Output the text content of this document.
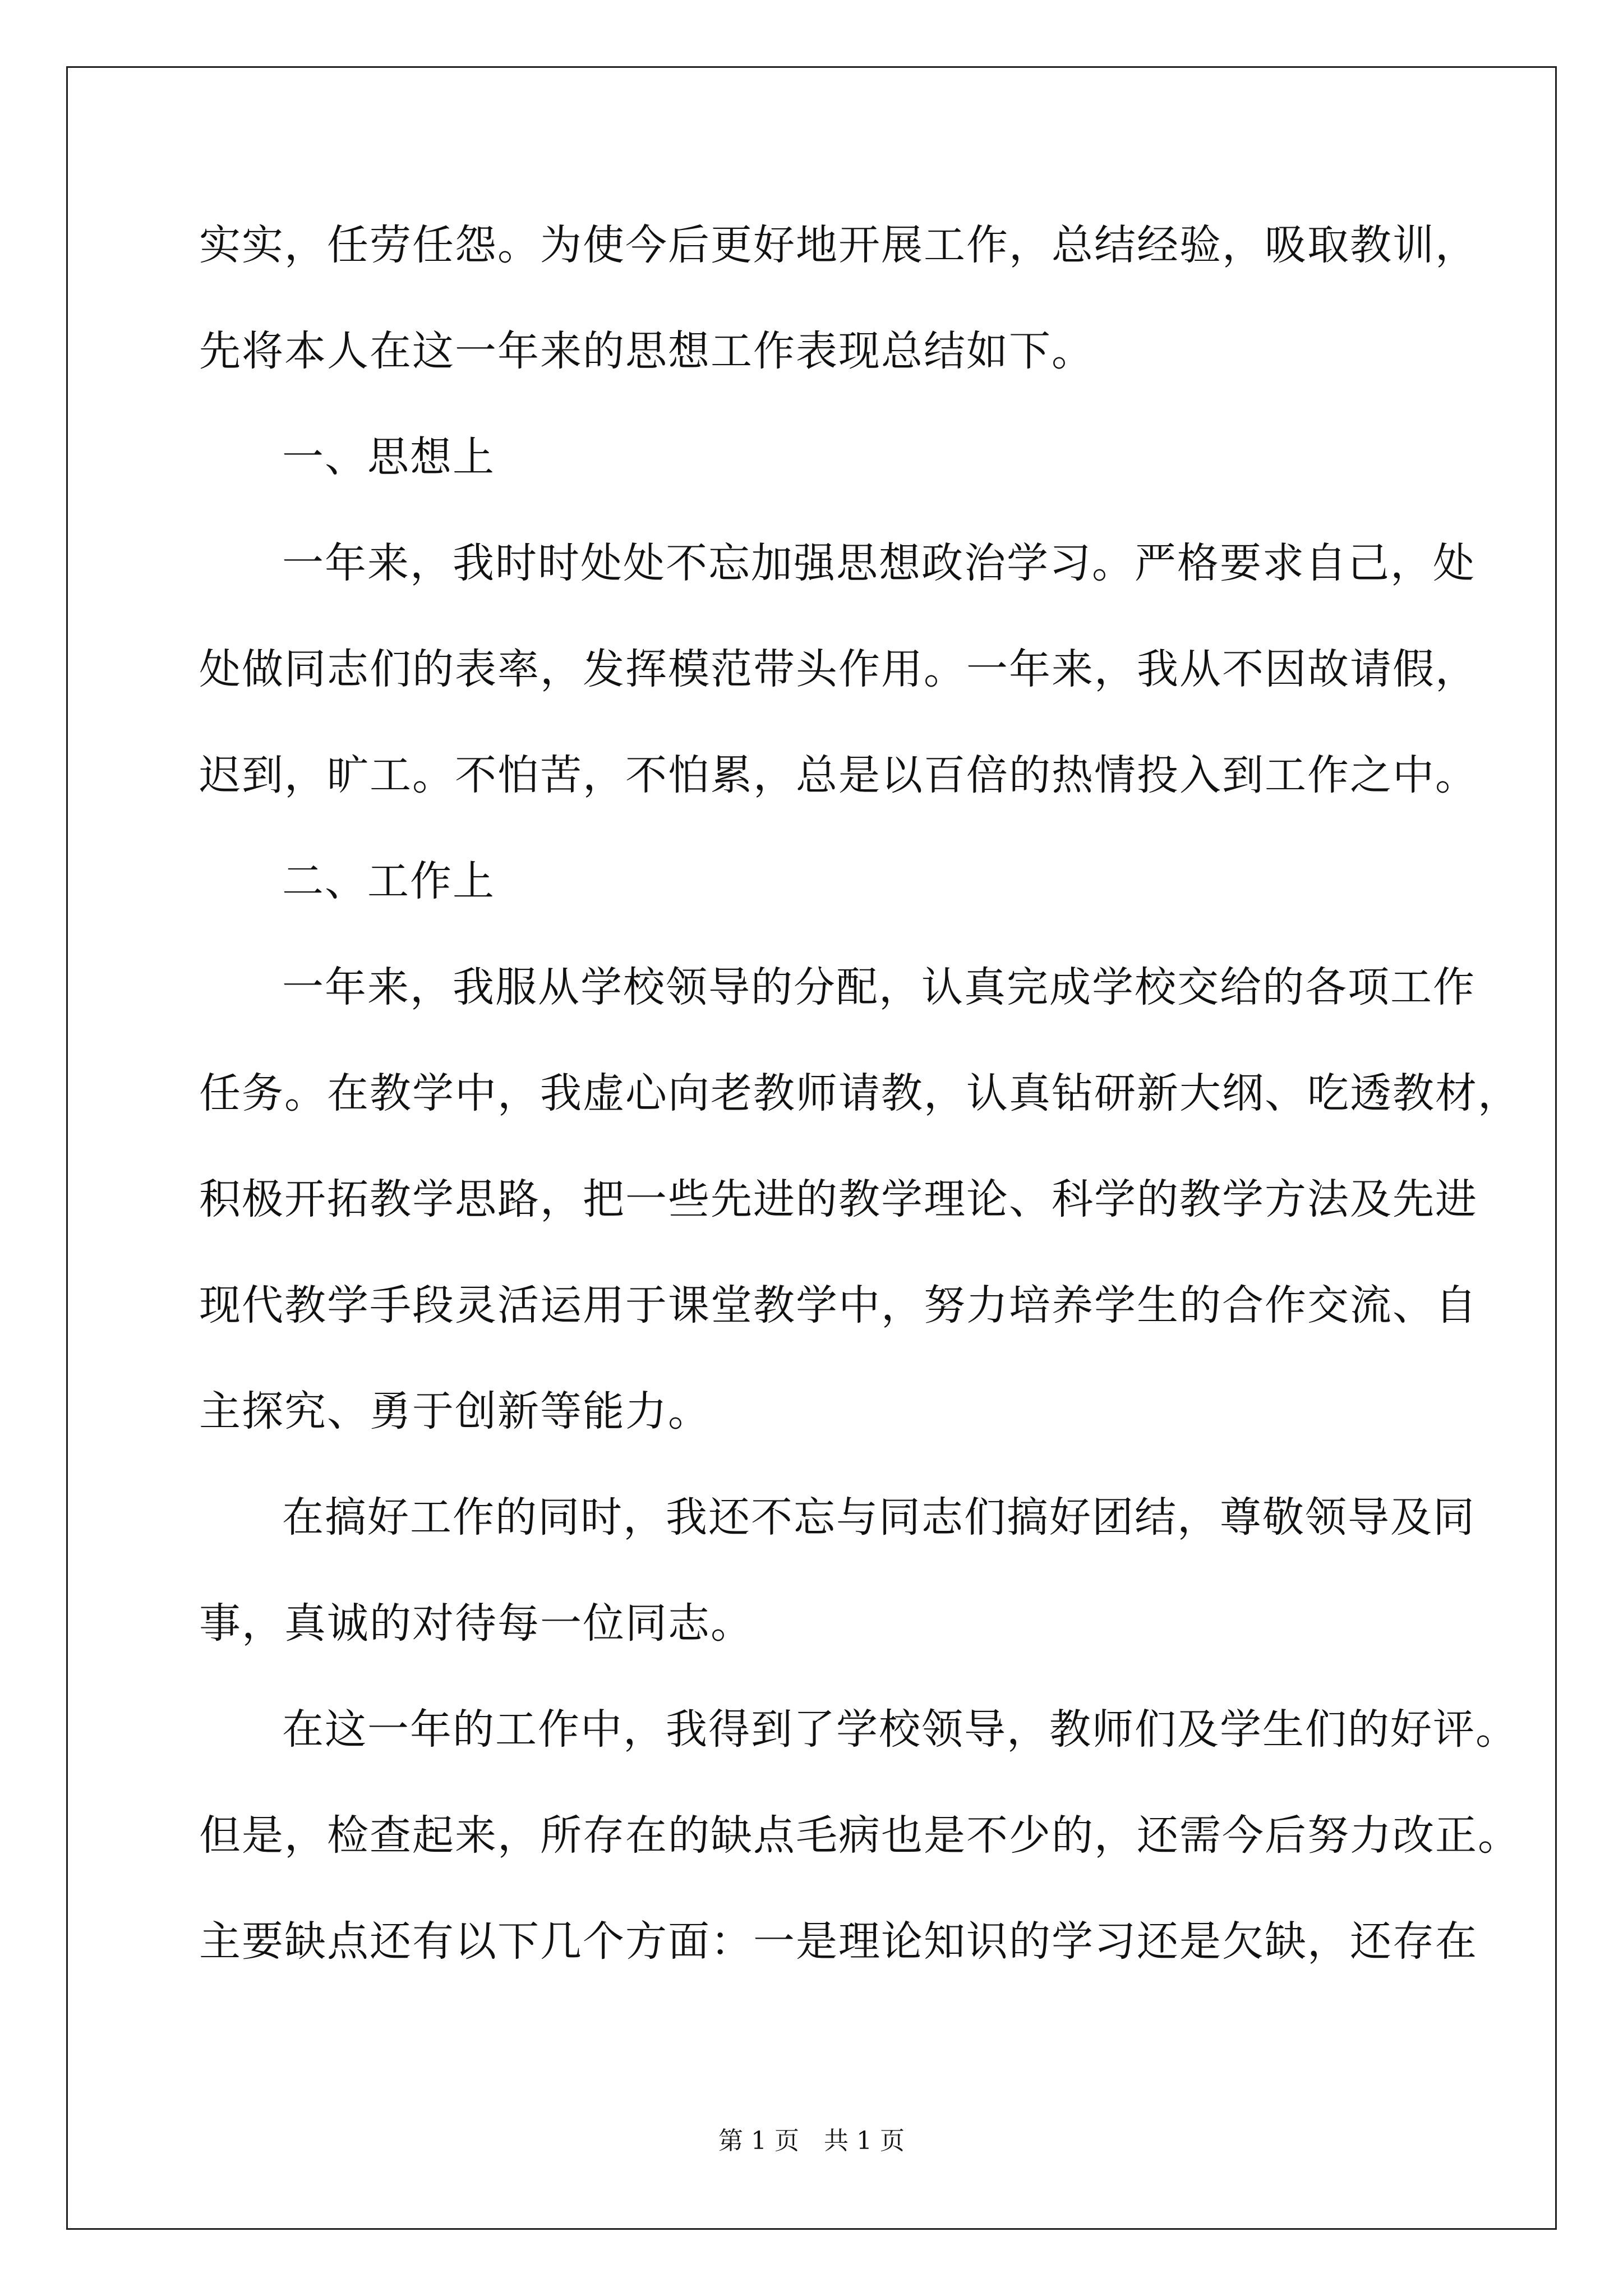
实实，任劳任怨。为使今后更好地开展工作，总结经验，吸取教训，
先将本人在这一年来的思想工作表现总结如下。
一、思想上
一年来，我时时处处不忘加强思想政治学习。严格要求自己，处
处做同志们的表率，发挥模范带头作用。一年来，我从不因故请假，
迟到，旷工。不怕苦，不怕累，总是以百倍的热情投入到工作之中。
二、工作上
一年来，我服从学校领导的分配，认真完成学校交给的各项工作
任务。在教学中，我虚心向老教师请教，认真钻研新大纲、吃透教材，
积极开拓教学思路，把一些先进的教学理论、科学的教学方法及先进
现代教学手段灵活运用于课堂教学中，努力培养学生的合作交流、自
主探究、勇于创新等能力。
在搞好工作的同时，我还不忘与同志们搞好团结，尊敬领导及同
事，真诚的对待每一位同志。
在这一年的工作中，我得到了学校领导，教师们及学生们的好评。
但是，检查起来，所存在的缺点毛病也是不少的，还需今后努力改正。
主要缺点还有以下几个方面：一是理论知识的学习还是欠缺，还存在
第 1 页　共 1 页
